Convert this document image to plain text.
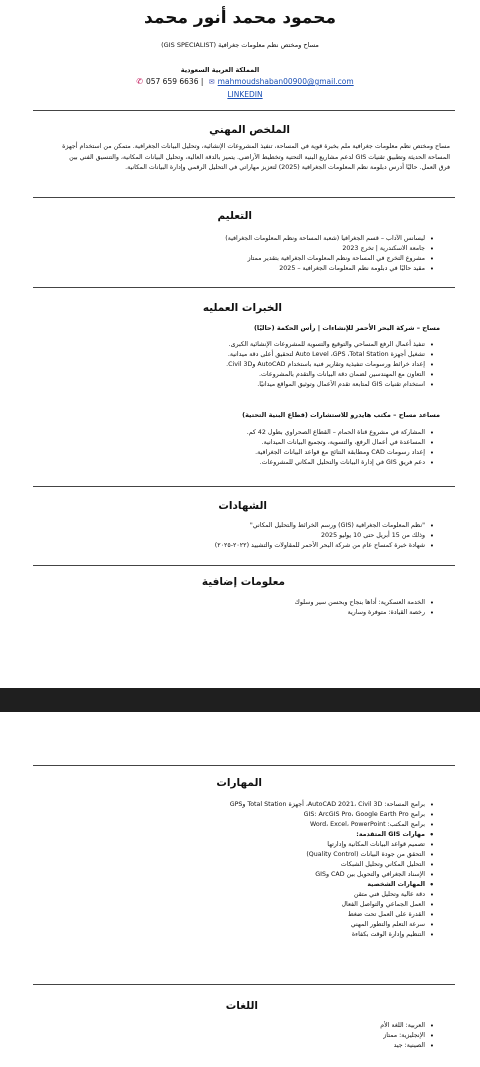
محمود محمد أنور محمد
مساح ومختص نظم معلومات جغرافية (GIS SPECIALIST)
المملكة العربية السعودية
✆ 057 659 6636 | ✉ mahmoudshaban00900@gmail.com
LINKEDIN
الملخص المهني
مساح ومختص نظم معلومات جغرافية ملم بخبرة قوية في المساحة، تنفيذ المشروعات الإنشائية، وتحليل البيانات الجغرافية. متمكن من استخدام أجهزة
المساحة الحديثة وتطبيق تقنيات GIS لدعم مشاريع البنية التحتية وتخطيط الأراضي. يتميز بالدقة العالية، وتحليل البيانات المكانية، والتنسيق الفني بين
فرق العمل. حاليًا أدرس دبلومة نظم المعلومات الجغرافية (2025) لتعزيز مهاراتي في التحليل الرقمي وإدارة البيانات المكانية.
التعليم
• ليسانس الآداب – قسم الجغرافيا (شعبة المساحة ونظم المعلومات الجغرافية)
• جامعة الاسكندرية | تخرج 2023
• مشروع التخرج في المساحة ونظم المعلومات الجغرافية بتقدير ممتاز
• مقيد حاليًا في دبلومة نظم المعلومات الجغرافية – 2025
الخبرات العمليه
مساح – شركة البحر الأحمر للإنشاءات | رأس الحكمة (حاليًا)
• تنفيذ أعمال الرفع المساحي والتوقيع والتسوية للمشروعات الإنشائية الكبرى.
• تشغيل أجهزة Auto Level ،GPS ،Total Station لتحقيق أعلى دقة ميدانية.
• إعداد خرائط ورسومات تنفيذية وتقارير فنية باستخدام AutoCAD وCivil 3D.
• التعاون مع المهندسين لضمان دقة البيانات والتقدم بالمشروعات.
• استخدام تقنيات GIS لمتابعة تقدم الأعمال وتوثيق المواقع ميدانيًا.
مساعد مساح – مكتب هايدرو للاستشارات (قطاع البنية التحتية)
• المشاركة في مشروع قناة الحمام – القطاع الصحراوي بطول 42 كم.
• المساعدة في أعمال الرفع، والتسوية، وتجميع البيانات الميدانية.
• إعداد رسومات CAD ومطابقة النتائج مع قواعد البيانات الجغرافية.
• دعم فريق GIS في إدارة البيانات والتحليل المكاني للمشروعات.
الشهادات
• "نظم المعلومات الجغرافية (GIS) ورسم الخرائط والتحليل المكاني"
• وذلك من 15 أبريل حتى 10 يوليو 2025
• شهادة خبرة كمساح عام من شركة البحر الأحمر للمقاولات والتشييد (٢٠٢٢-٢٠٢٥)
معلومات إضافية
• الخدمة العسكرية: أداها بنجاح وبحسن سير وسلوك
• رخصة القيادة: متوفرة وسارية
المهارات
• برامج المساحة: AutoCAD 2021، Civil 3D، أجهزة Total Station وGPS
• برامج GIS: ArcGIS Pro، Google Earth Pro
• برامج المكتب: Word، Excel، PowerPoint
• مهارات GIS المتقدمة:
• تصميم قواعد البيانات المكانية وإدارتها
• التحقق من جودة البيانات (Quality Control)
• التحليل المكاني وتحليل الشبكات
• الإسناد الجغرافي والتحويل بين CAD وGIS
• المهارات الشخصية
• دقة عالية وتحليل فني متقن
• العمل الجماعي والتواصل الفعال
• القدرة على العمل تحت ضغط
• سرعة التعلم والتطور المهني
• التنظيم وإدارة الوقت بكفاءة
اللغات
• العربية: اللغة الأم
• الإنجليزية: ممتاز
• الصينية: جيد
